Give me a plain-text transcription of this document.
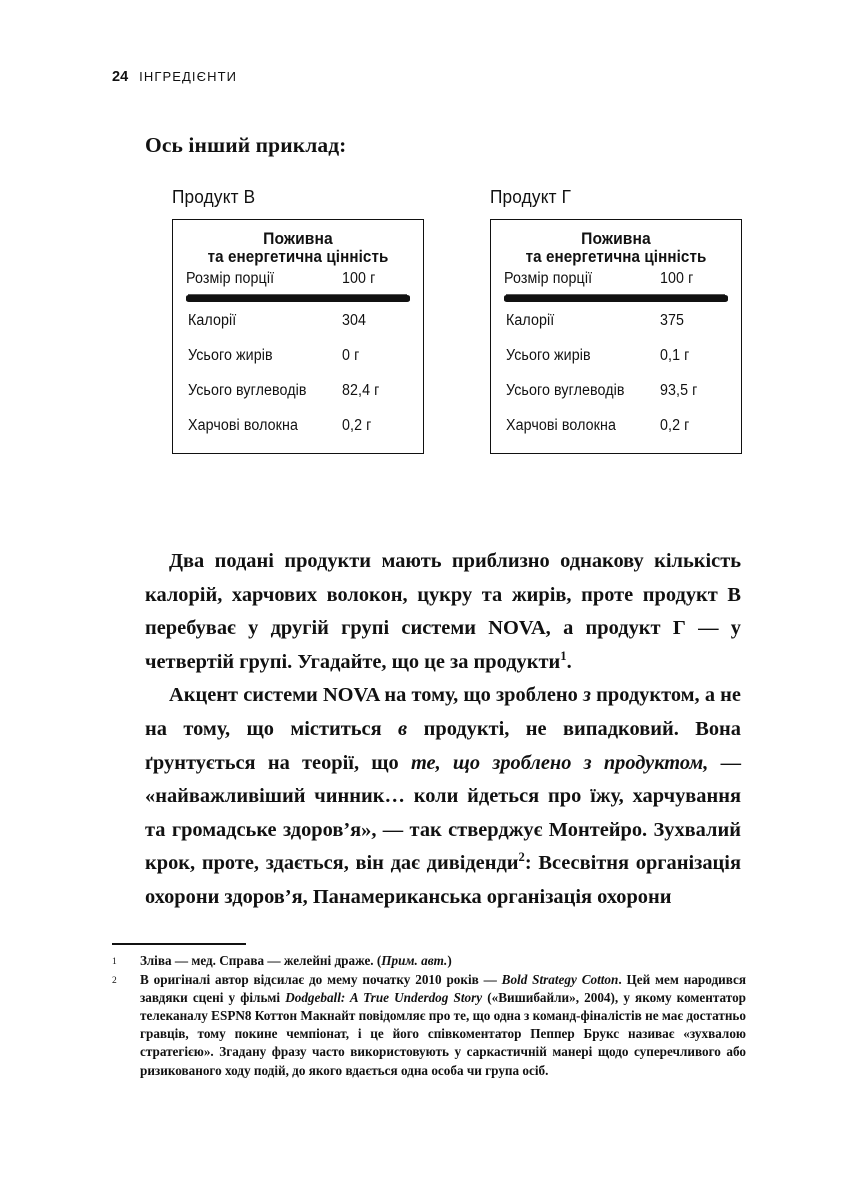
24 ІНГРЕДІЄНТИ
Ось інший приклад:
Продукт В
Поживна
та енергетична цінність
Розмір порції	100 г
Калорії	304
Усього жирів	0 г
Усього вуглеводів 82,4 г
Харчові волокна	0,2 г
Продукт Г
Поживна
та енергетична цінність
Розмір порції	100 г
Калорії	375
Усього жирів	0,1 г
Усього вуглеводів 93,5 г
Харчові волокна	0,2 г

Два подані продукти мають приблизно однакову кількість калорій, харчових волокон, цукру та жирів, проте продукт В перебуває у другій групі системи NOVA, а продукт Г — у четвертій групі. Угадайте, що це за продукти$^1$.

Акцент системи NOVA на тому, що зроблено з продуктом, а не на тому, що міститься в продукті, не випадковий. Вона ґрунтується на теорії, що те, що зроблено з продуктом, — «найважливіший чинник… коли йдеться про їжу, харчування та громадське здоров’я», — так стверджує Монтейро. Зухвалий крок, проте, здається, він дає дивіденди$^2$: Всесвітня організація охорони здоров’я, Панамериканська організація охорони

1	Зліва — мед. Справа — желейні драже. (Прим. авт.)
2	В оригіналі автор відсилає до мему початку 2010 років — Bold Strategy Cotton. Цей мем народився завдяки сцені у фільмі Dodgeball: A True Underdog Story («Вишибайли», 2004), у якому коментатор телеканалу ESPN8 Коттон Макнайт повідомляє про те, що одна з команд-фіналістів не має достатньо гравців, тому покине чемпіонат, і це його співкоментатор Пеппер Брукс називає «зухвалою стратегією». Згадану фразу часто використовують у саркастичній манері щодо суперечливого або ризикованого ходу подій, до якого вдається одна особа чи група осіб.
